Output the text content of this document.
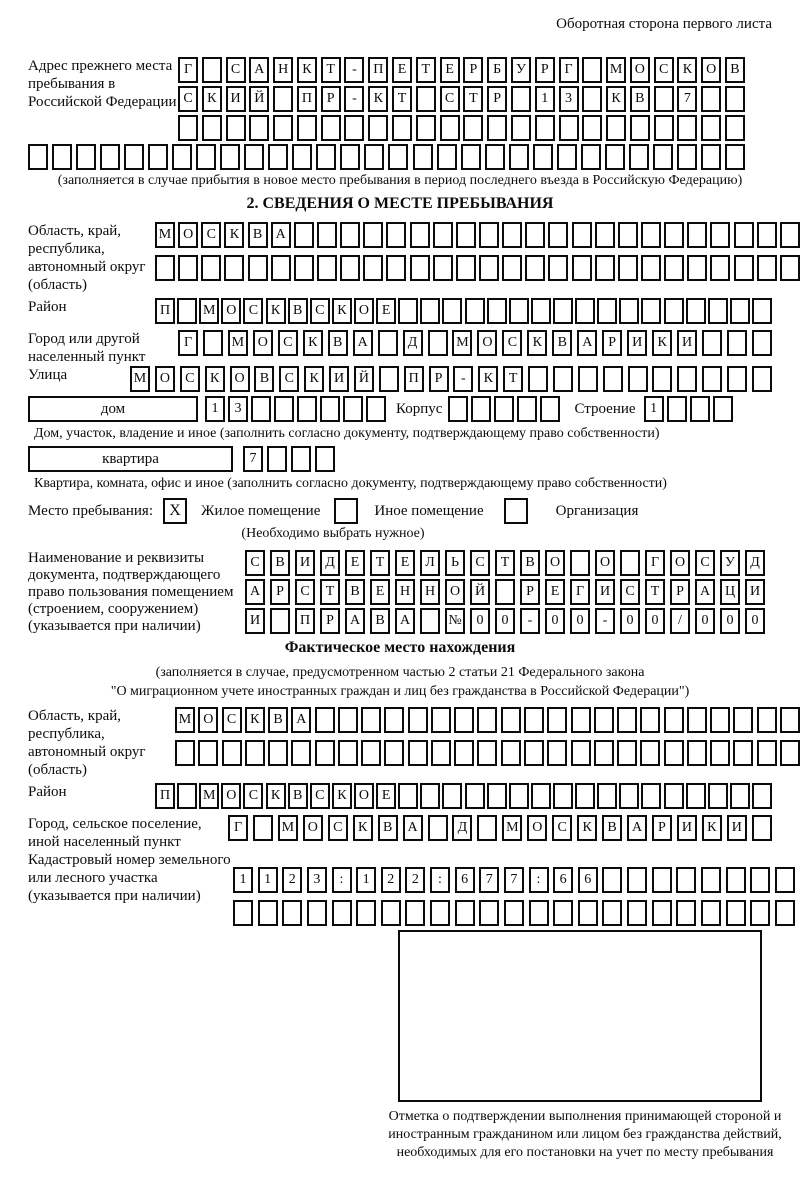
Оборотная сторона первого листа
Адрес прежнего места пребывания в Российской Федерации
Г	С	А Н	К	Т	-	П	Е	Т	Е	Р	Б	У	Р	Г	М О	С	К	О	В
С	К	И Й	П	Р	-	К	Т	С	Т	Р	1	3	К	В	7
(заполняется в случае прибытия в новое место пребывания в период последнего въезда в Российскую Федерацию)
2. СВЕДЕНИЯ О МЕСТЕ ПРЕБЫВАНИЯ
Область, край, республика, автономный округ (область)
М О С К В А
Район	П	М О С К В С К О Е
Город или другой населенный пункт
Г	М О	С	К	В	А	Д	М О	С	К	В	А	Р	И	К	И
Улица	М О	С	К	О	В	С	К	И	Й	П	Р	-	К	Т
дом	1	3	Корпус	Строение	1
Дом, участок, владение и иное (заполнить согласно документу, подтверждающему право собственности)
квартира	7
Квартира, комната, офис и иное (заполнить согласно документу, подтверждающему право собственности)
Место пребывания:	X	Жилое помещение	Иное помещение	Организация
(Необходимо выбрать нужное)
Наименование и реквизиты документа, подтверждающего право пользования помещением (строением, сооружением) (указывается при наличии)
С	В	И	Д	Е	Т	Е	Л	Ь	С	Т	В	О	О	Г	О	С	У	Д
А	Р	С	Т	В	Е	Н	Н	О	Й	Р	Е	Г	И	С	Т	Р	А	Ц	И
И	П	Р	А	В	А	№	0	0	-	0	0	-	0	0	/	0	0	0
Фактическое место нахождения
(заполняется в случае, предусмотренном частью 2 статьи 21 Федерального закона
"О миграционном учете иностранных граждан и лиц без гражданства в Российской Федерации")
Область, край, республика, автономный округ (область)
М О С К В А
Район	П	М О С К В С К О Е
Город, сельское поселение, иной населенный пункт
Г	М О	С	К	В	А	Д	М О	С	К	В	А	Р	И	К	И
Кадастровый номер земельного или лесного участка (указывается при наличии)
1	1	2	3	:	1	2	2	:	6	7	7	:	6	6
Отметка о подтверждении выполнения принимающей стороной и иностранным гражданином или лицом без гражданства действий, необходимых для его постановки на учет по месту пребывания
